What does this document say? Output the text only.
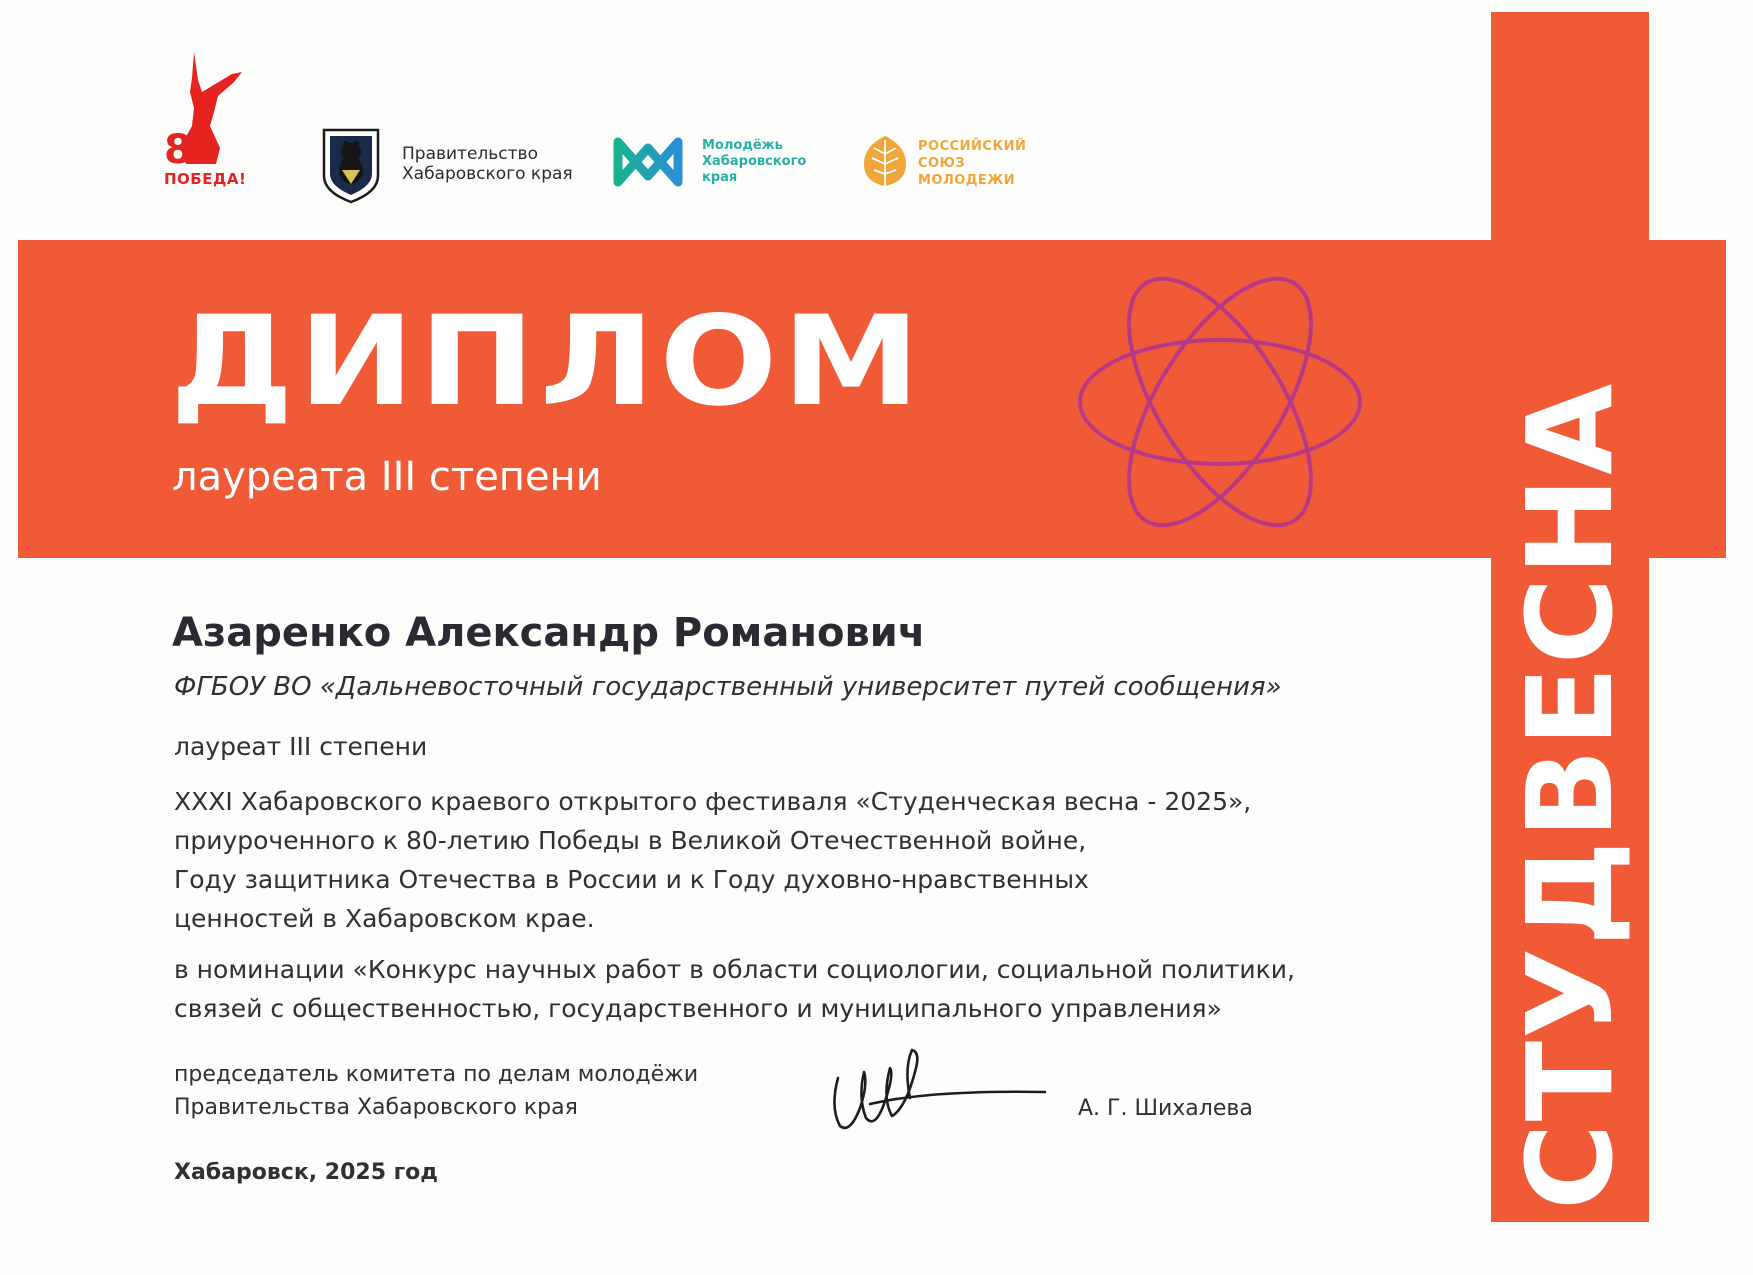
80
ПОБЕДА!
Правительство
Хабаровского края
Молодёжь
Хабаровского
края
РОССИЙСКИЙ
СОЮЗ
МОЛОДЕЖИ
ДИПЛОМ
лауреата III степени	СТУДВЕСНА
Азаренко Александр Романович
ФГБОУ ВО «Дальневосточный государственный университет путей сообщения»
лауреат III степени
XXXI Хабаровского краевого открытого фестиваля «Студенческая весна - 2025»,
приуроченного к 80-летию Победы в Великой Отечественной войне,
Году защитника Отечества в России и к Году духовно-нравственных
ценностей в Хабаровском крае.
в номинации «Конкурс научных работ в области социологии, социальной политики,
связей с общественностью, государственного и муниципального управления»
председатель комитета по делам молодёжи
Правительства Хабаровского края	А. Г. Шихалева
Хабаровск, 2025 год
